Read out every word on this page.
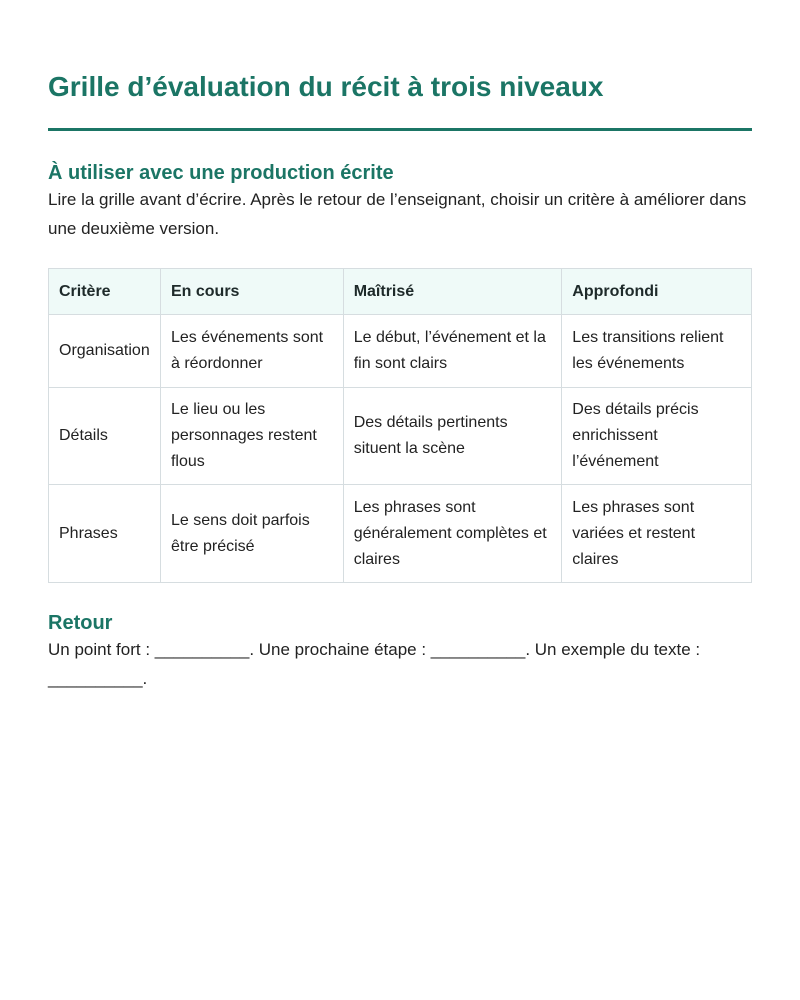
Grille d’évaluation du récit à trois niveaux
À utiliser avec une production écrite

Lire la grille avant d’écrire. Après le retour de l’enseignant, choisir un critère à améliorer dans une deuxième version.

Critère	En cours	Maîtrisé	Approfondi
Organisation	Les événements sont à réordonner	Le début, l’événement et la fin sont clairs	Les transitions relient les événements
Détails	Le lieu ou les personnages restent flous	Des détails pertinents situent la scène	Des détails précis enrichissent l’événement
Phrases	Le sens doit parfois être précisé	Les phrases sont généralement complètes et claires	Les phrases sont variées et restent claires
Retour

Un point fort : __________. Une prochaine étape : __________. Un exemple du texte : __________.
